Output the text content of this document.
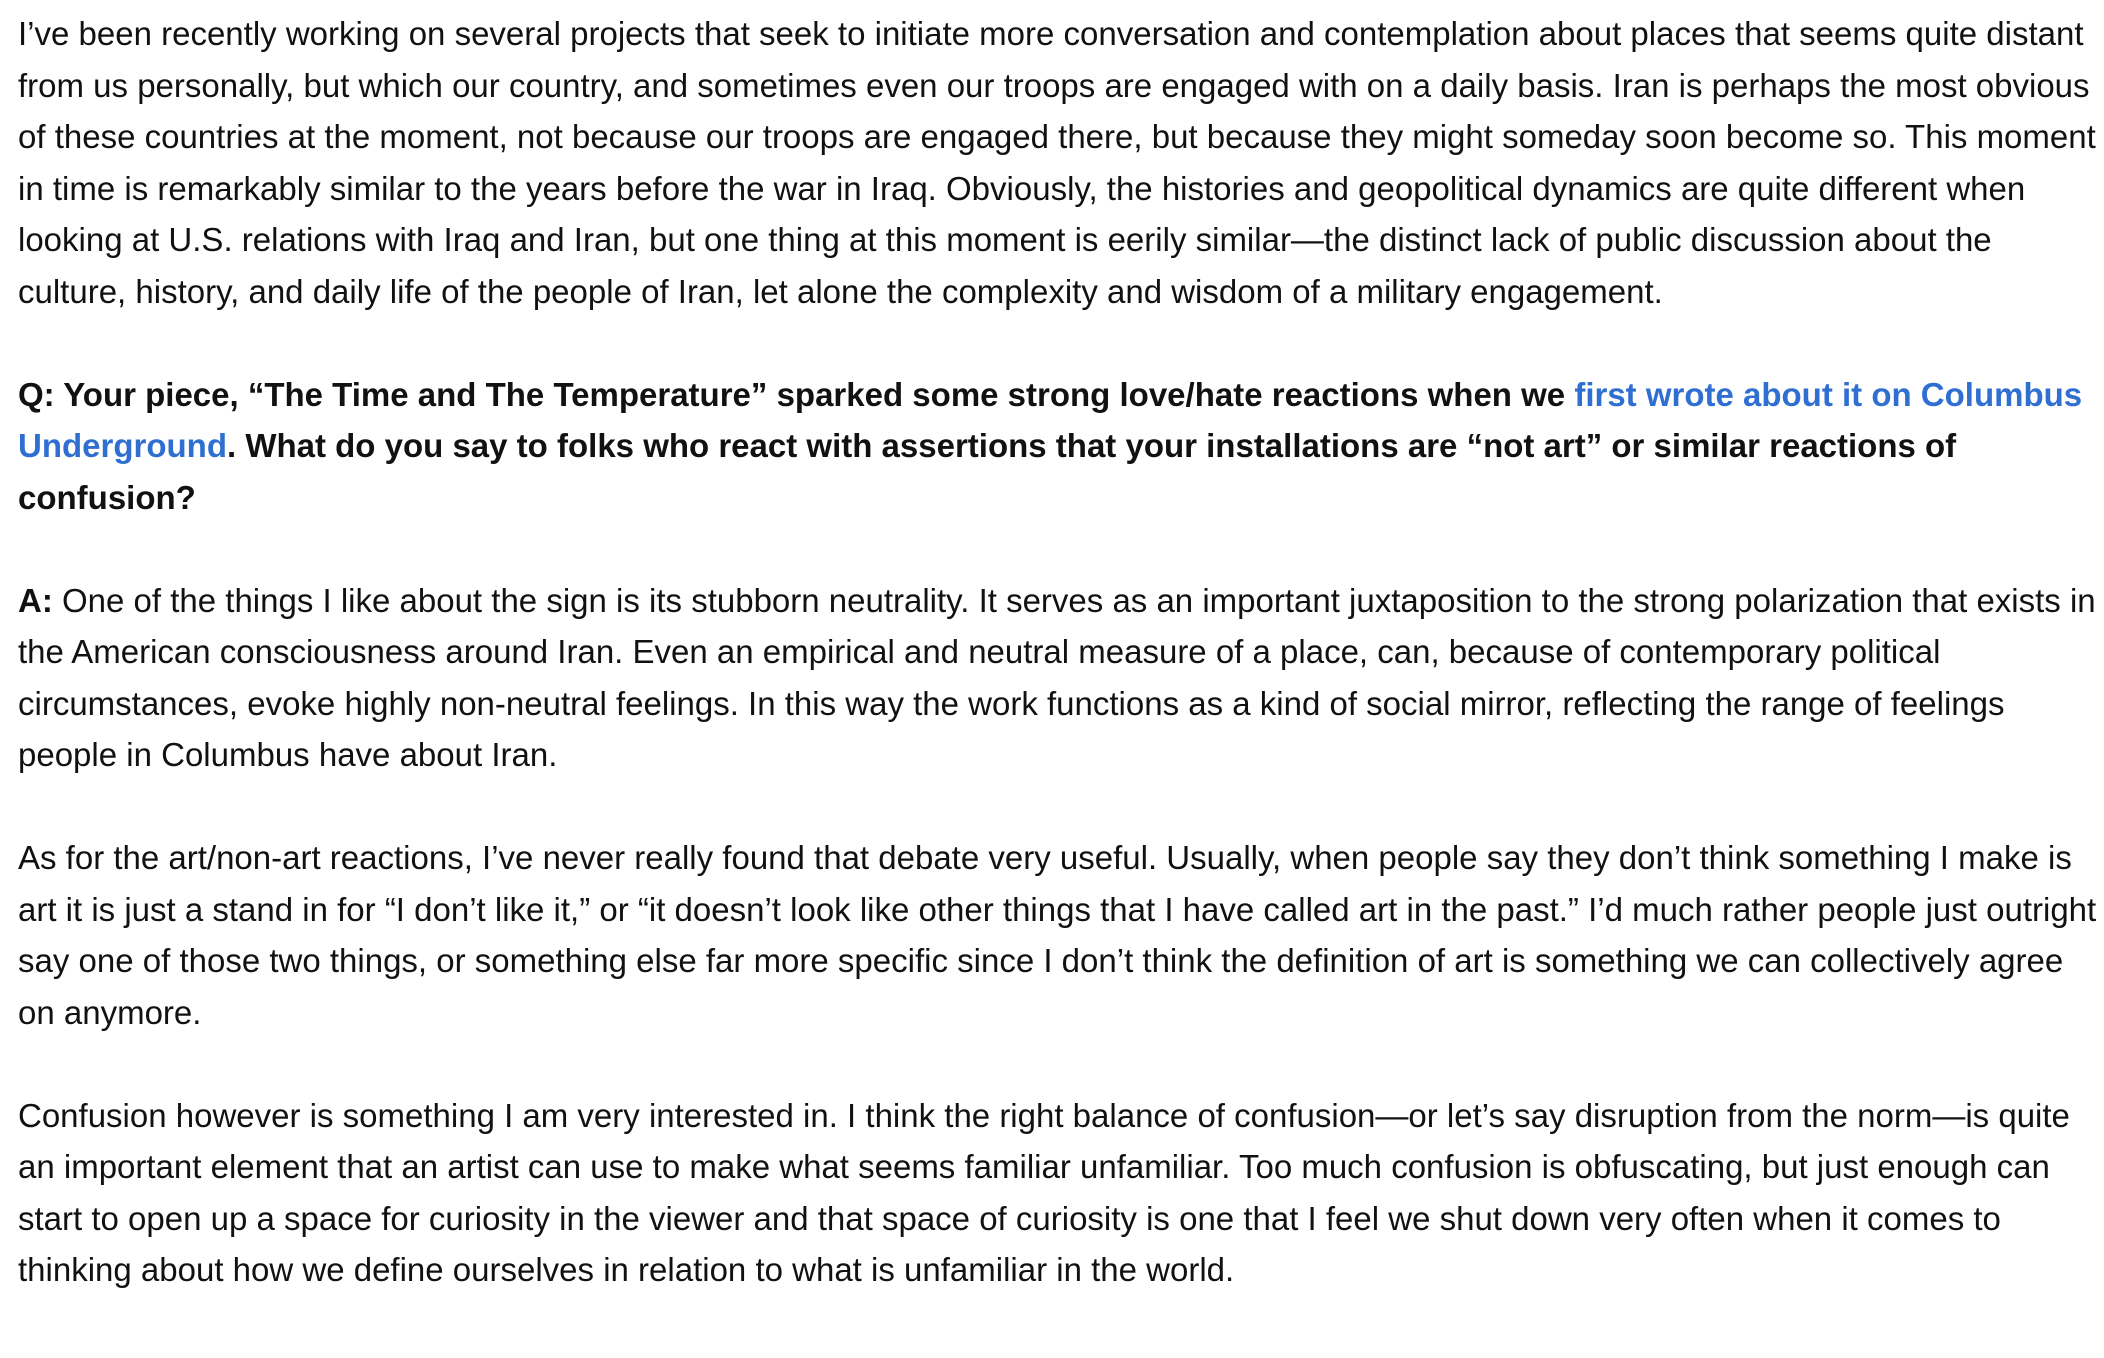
I’ve been recently working on several projects that seek to initiate more conversation and contemplation about places that seems quite distant from us personally, but which our country, and sometimes even our troops are engaged with on a daily basis. Iran is perhaps the most obvious of these countries at the moment, not because our troops are engaged there, but because they might someday soon become so. This moment in time is remarkably similar to the years before the war in Iraq. Obviously, the histories and geopolitical dynamics are quite different when looking at U.S. relations with Iraq and Iran, but one thing at this moment is eerily similar—the distinct lack of public discussion about the culture, history, and daily life of the people of Iran, let alone the complexity and wisdom of a military engagement.

Q: Your piece, “The Time and The Temperature” sparked some strong love/hate reactions when we first wrote about it on Columbus Underground. What do you say to folks who react with assertions that your installations are “not art” or similar reactions of confusion?

A: One of the things I like about the sign is its stubborn neutrality. It serves as an important juxtaposition to the strong polarization that exists in the American consciousness around Iran. Even an empirical and neutral measure of a place, can, because of contemporary political circumstances, evoke highly non-neutral feelings. In this way the work functions as a kind of social mirror, reflecting the range of feelings people in Columbus have about Iran.

As for the art/non-art reactions, I’ve never really found that debate very useful. Usually, when people say they don’t think something I make is art it is just a stand in for “I don’t like it,” or “it doesn’t look like other things that I have called art in the past.” I’d much rather people just outright say one of those two things, or something else far more specific since I don’t think the definition of art is something we can collectively agree on anymore.

Confusion however is something I am very interested in. I think the right balance of confusion—or let’s say disruption from the norm—is quite an important element that an artist can use to make what seems familiar unfamiliar. Too much confusion is obfuscating, but just enough can start to open up a space for curiosity in the viewer and that space of curiosity is one that I feel we shut down very often when it comes to thinking about how we define ourselves in relation to what is unfamiliar in the world.
